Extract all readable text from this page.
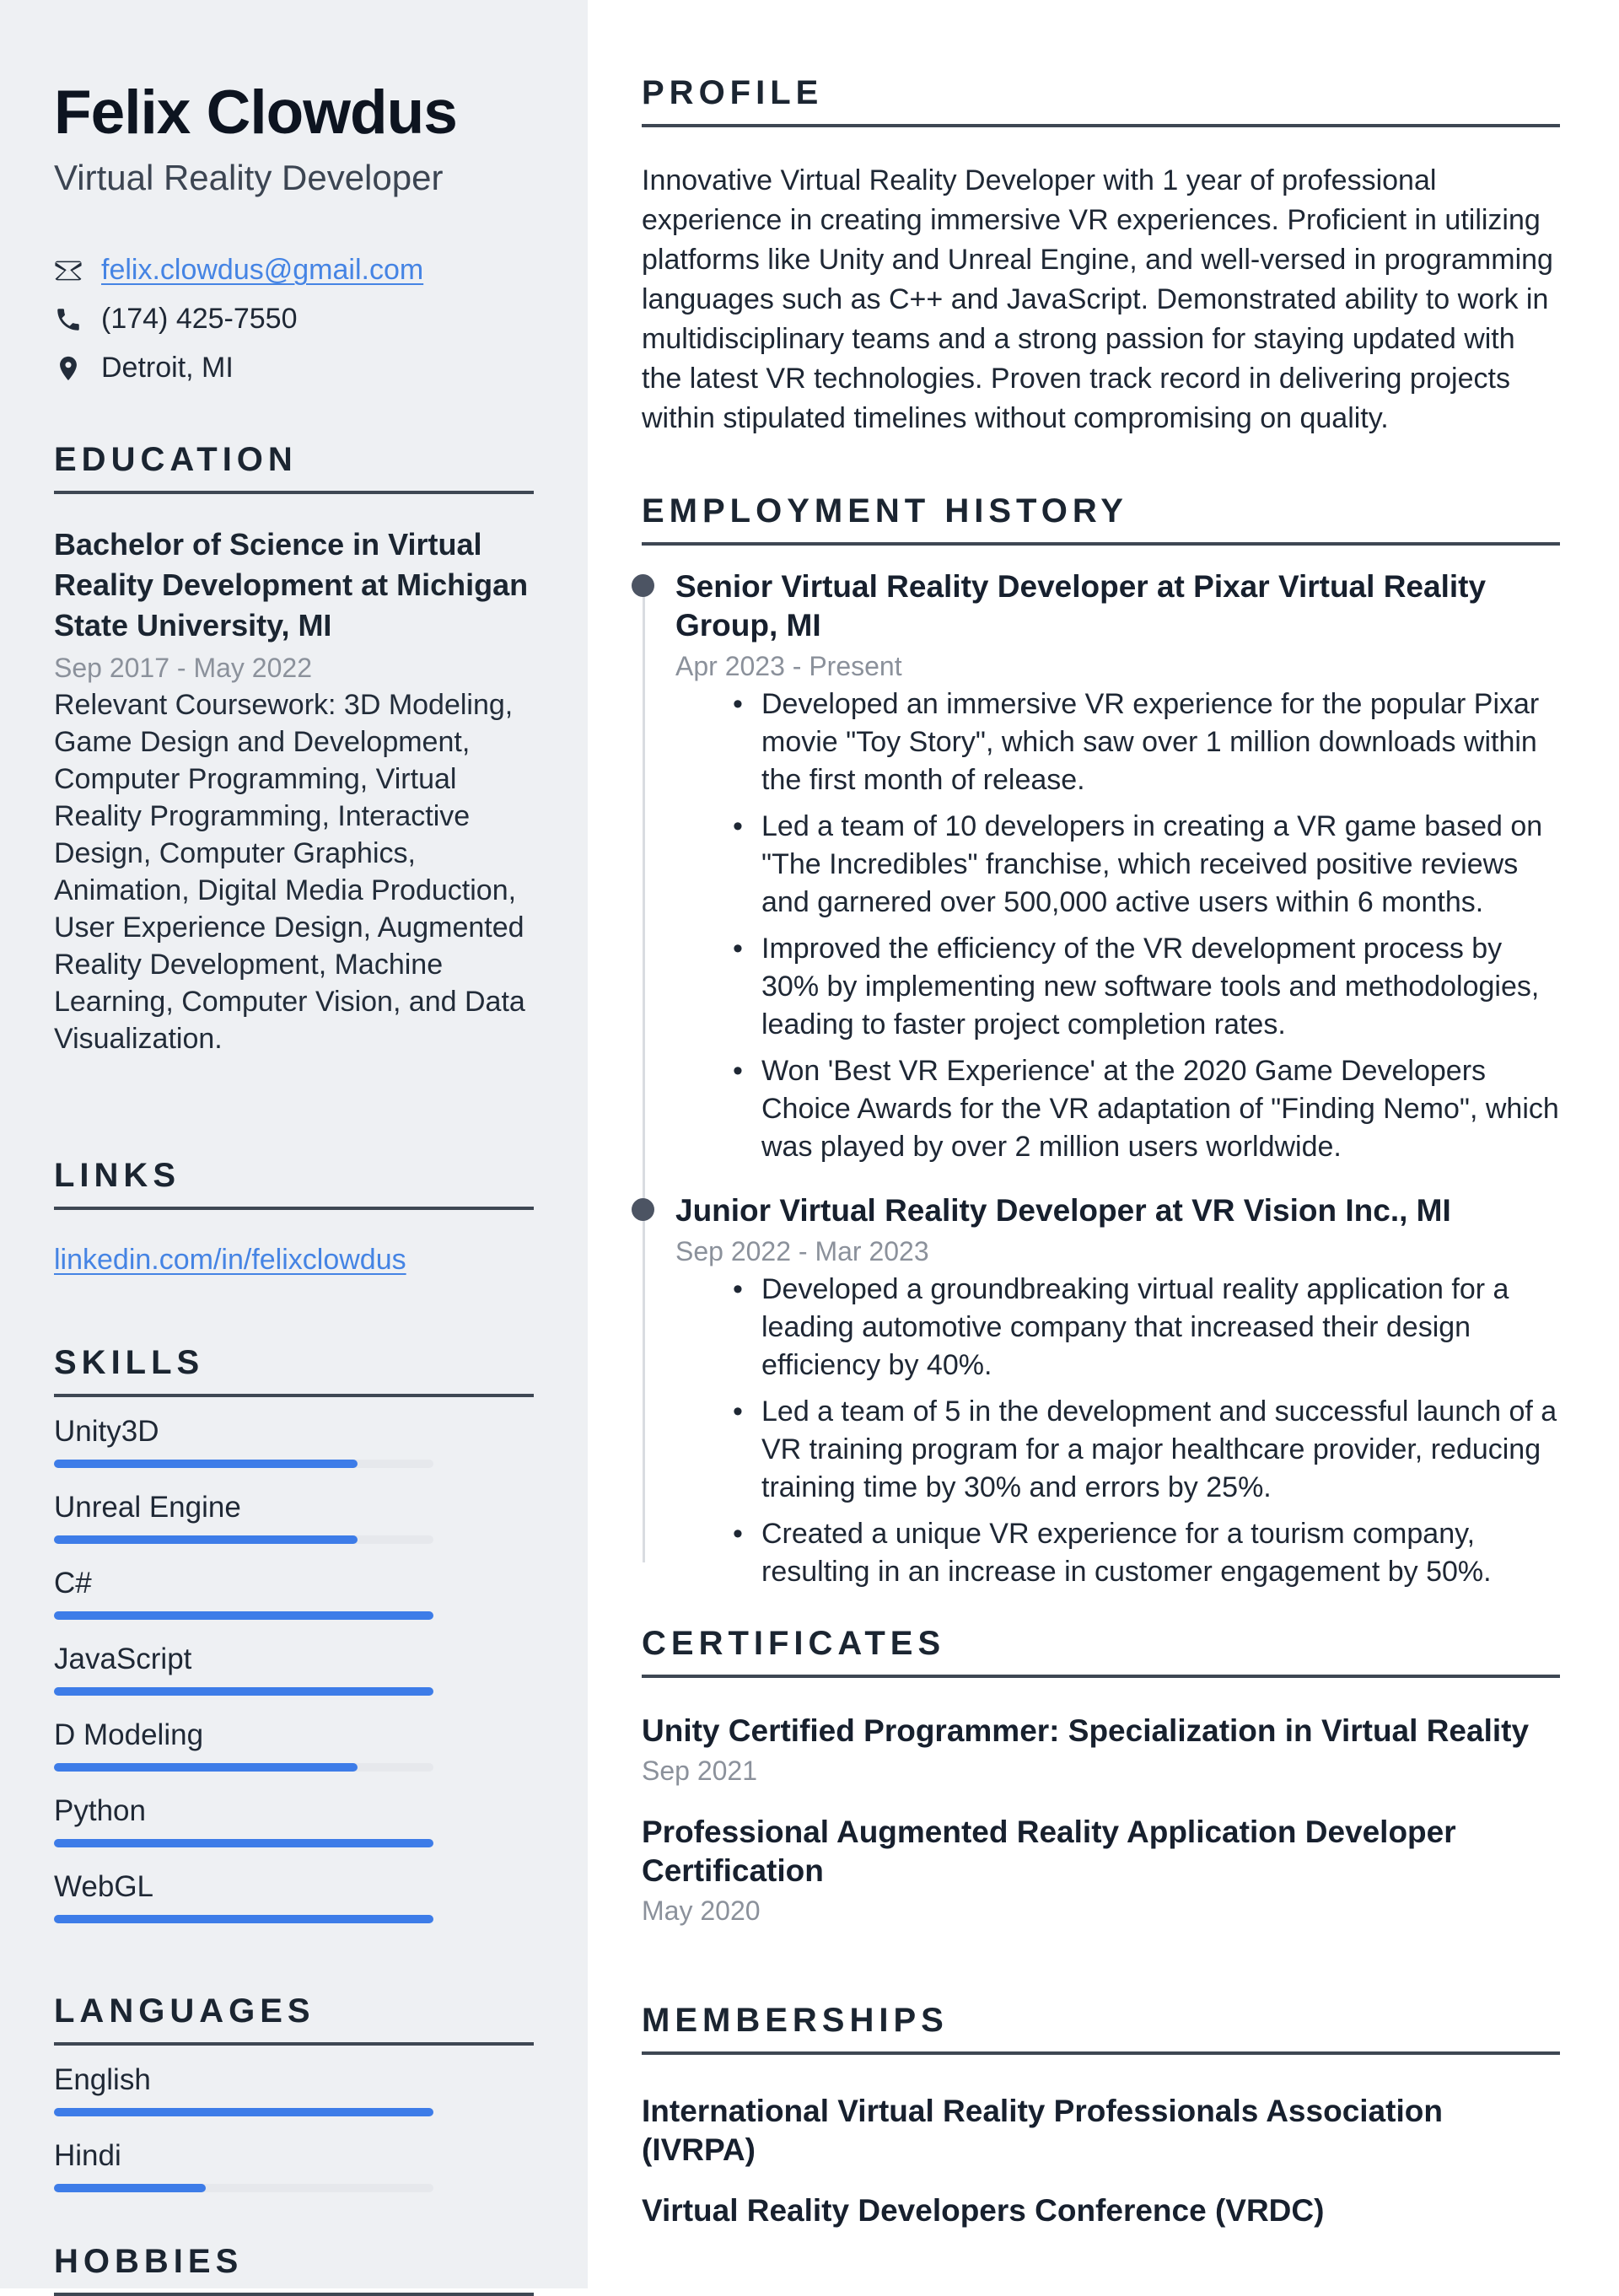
Felix Clowdus
Virtual Reality Developer
felix.clowdus@gmail.com
(174) 425-7550
Detroit, MI
EDUCATION
Bachelor of Science in Virtual Reality Development at Michigan State University, MI
Sep 2017 - May 2022
Relevant Coursework: 3D Modeling, Game Design and Development, Computer Programming, Virtual Reality Programming, Interactive Design, Computer Graphics, Animation, Digital Media Production, User Experience Design, Augmented Reality Development, Machine Learning, Computer Vision, and Data Visualization.
LINKS
linkedin.com/in/felixclowdus
SKILLS
Unity3D
Unreal Engine
C#
JavaScript
D Modeling
Python
WebGL
LANGUAGES
English
Hindi
HOBBIES
PROFILE

Innovative Virtual Reality Developer with 1 year of professional experience in creating immersive VR experiences. Proficient in utilizing platforms like Unity and Unreal Engine, and well-versed in programming languages such as C++ and JavaScript. Demonstrated ability to work in multidisciplinary teams and a strong passion for staying updated with the latest VR technologies. Proven track record in delivering projects within stipulated timelines without compromising on quality.

EMPLOYMENT HISTORY
Senior Virtual Reality Developer at Pixar Virtual Reality Group, MI
Apr 2023 - Present
• Developed an immersive VR experience for the popular Pixar movie "Toy Story", which saw over 1 million downloads within the first month of release.
• Led a team of 10 developers in creating a VR game based on "The Incredibles" franchise, which received positive reviews and garnered over 500,000 active users within 6 months.
• Improved the efficiency of the VR development process by 30% by implementing new software tools and methodologies, leading to faster project completion rates.
• Won 'Best VR Experience' at the 2020 Game Developers Choice Awards for the VR adaptation of "Finding Nemo", which was played by over 2 million users worldwide.
Junior Virtual Reality Developer at VR Vision Inc., MI
Sep 2022 - Mar 2023
• Developed a groundbreaking virtual reality application for a leading automotive company that increased their design efficiency by 40%.
• Led a team of 5 in the development and successful launch of a VR training program for a major healthcare provider, reducing training time by 30% and errors by 25%.
• Created a unique VR experience for a tourism company, resulting in an increase in customer engagement by 50%.
CERTIFICATES
Unity Certified Programmer: Specialization in Virtual Reality
Sep 2021
Professional Augmented Reality Application Developer Certification
May 2020
MEMBERSHIPS
International Virtual Reality Professionals Association (IVRPA)
Virtual Reality Developers Conference (VRDC)
